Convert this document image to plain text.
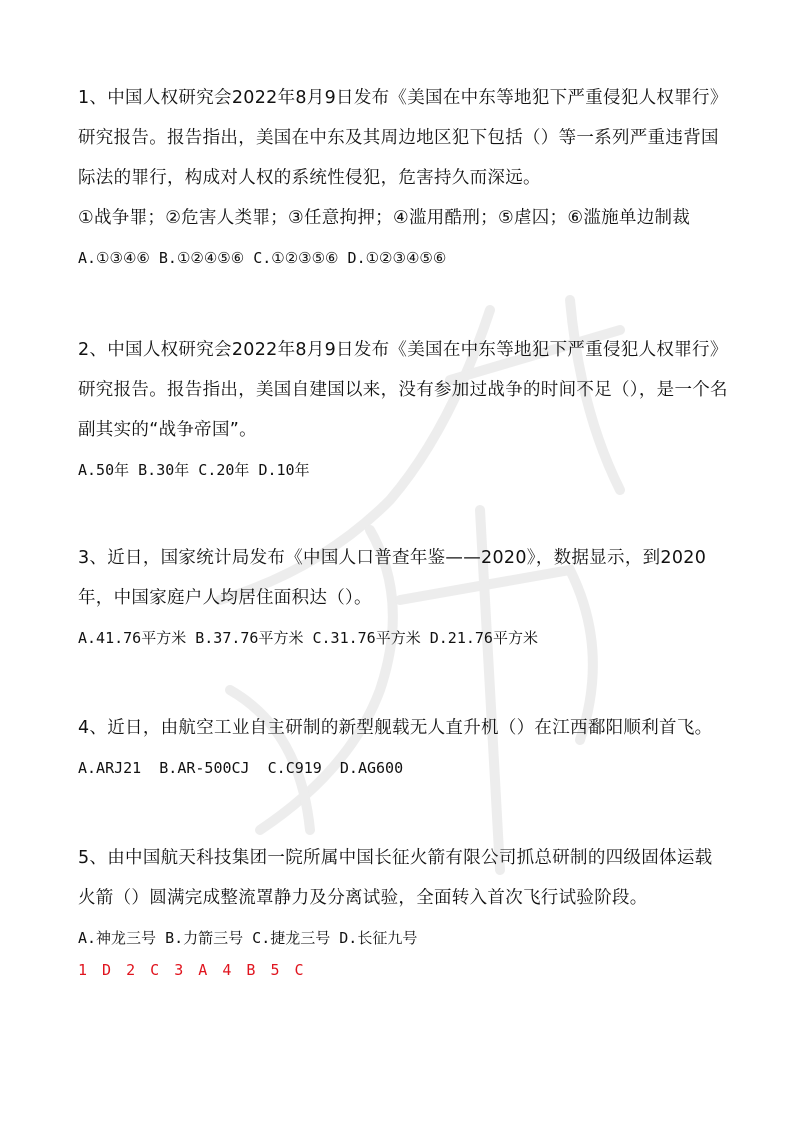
1、中国人权研究会2022年8月9日发布《美国在中东等地犯下严重侵犯人权罪行》研究报告。报告指出，美国在中东及其周边地区犯下包括（）等一系列严重违背国际法的罪行，构成对人权的系统性侵犯，危害持久而深远。

①战争罪；②危害人类罪；③任意拘押；④滥用酷刑；⑤虐囚；⑥滥施单边制裁

A.①③④⑥ B.①②④⑤⑥ C.①②③⑤⑥ D.①②③④⑤⑥

2、中国人权研究会2022年8月9日发布《美国在中东等地犯下严重侵犯人权罪行》研究报告。报告指出，美国自建国以来，没有参加过战争的时间不足（），是一个名副其实的“战争帝国”。

A.50年 B.30年 C.20年 D.10年

3、近日，国家统计局发布《中国人口普查年鉴——2020》，数据显示，到2020年，中国家庭户人均居住面积达（）。

A.41.76平方米 B.37.76平方米 C.31.76平方米 D.21.76平方米

4、近日，由航空工业自主研制的新型舰载无人直升机（）在江西鄱阳顺利首飞。

A.ARJ21  B.AR-500CJ  C.C919  D.AG600

5、由中国航天科技集团一院所属中国长征火箭有限公司抓总研制的四级固体运载火箭（）圆满完成整流罩静力及分离试验，全面转入首次飞行试验阶段。

A.神龙三号 B.力箭三号 C.捷龙三号 D.长征九号

1 D 2 C 3 A 4 B 5 C
